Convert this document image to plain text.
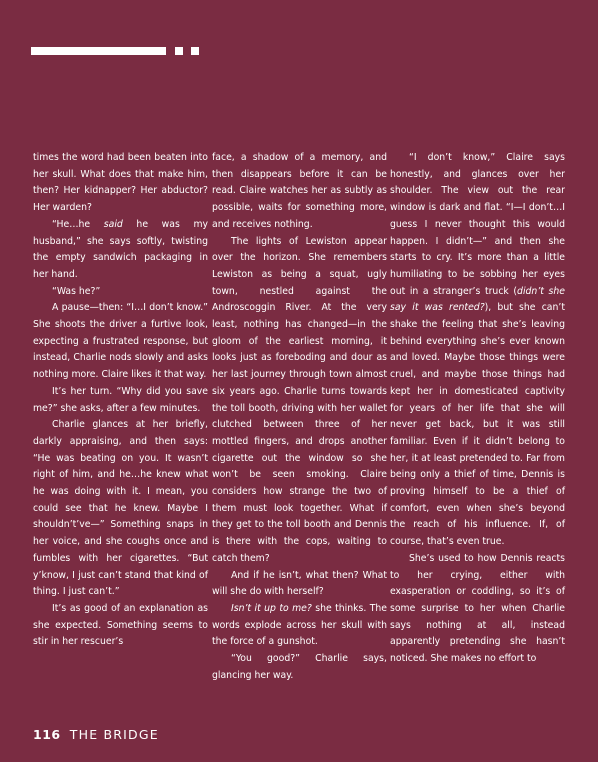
times the word had been beaten into her skull. What does that make him, then? Her kidnapper? Her abductor? Her warden?

“He…he said he was my husband,” she says softly, twisting the empty sandwich packaging in her hand.

“Was he?”

A pause—then: “I…I don’t know.” She shoots the driver a furtive look, expecting a frustrated response, but instead, Charlie nods slowly and asks nothing more. Claire likes it that way.

It’s her turn. “Why did you save me?” she asks, after a few minutes.

Charlie glances at her briefly, darkly appraising, and then says: “He was beating on you. It wasn’t right of him, and he…he knew what he was doing with it. I mean, you could see that he knew. Maybe I shouldn’t’ve—” Something snaps in her voice, and she coughs once and fumbles with her cigarettes. “But y’know, I just can’t stand that kind of thing. I just can’t.”

It’s as good of an explanation as she expected. Something seems to stir in her rescuer’s

face, a shadow of a memory, and then disappears before it can be read. Claire watches her as subtly as possible, waits for something more, and receives nothing.

The lights of Lewiston appear over the horizon. She remembers Lewiston as being a squat, ugly town, nestled against the Androscoggin River. At the very least, nothing has changed—in the gloom of the earliest morning, it looks just as foreboding and dour as her last journey through town almost six years ago. Charlie turns towards the toll booth, driving with her wallet clutched between three of her mottled fingers, and drops another cigarette out the window so she won’t be seen smoking. Claire considers how strange the two of them must look together. What if they get to the toll booth and Dennis is there with the cops, waiting to catch them?

And if he isn’t, what then? What will she do with herself?

Isn’t it up to me? she thinks. The words explode across her skull with the force of a gunshot.

“You good?” Charlie says, glancing her way.

“I don’t know,” Claire says honestly, and glances over her shoulder. The view out the rear window is dark and flat. “I—I don’t…I guess I never thought this would happen. I didn’t—” and then she starts to cry. It’s more than a little humiliating to be sobbing her eyes out in a stranger’s truck (didn’t she say it was rented?), but she can’t shake the feeling that she’s leaving behind everything she’s ever known and loved. Maybe those things were cruel, and maybe those things had kept her in domesticated captivity for years of her life that she will never get back, but it was still familiar. Even if it didn’t belong to her, it at least pretended to. Far from being only a thief of time, Dennis is proving himself to be a thief of comfort, even when she’s beyond the reach of his influence. If, of course, that’s even true.

She’s used to how Dennis reacts to her crying, either with exasperation or coddling, so it’s of some surprise to her when Charlie says nothing at all, instead apparently pretending she hasn’t noticed. She makes no effort to

116 THE BRIDGE
